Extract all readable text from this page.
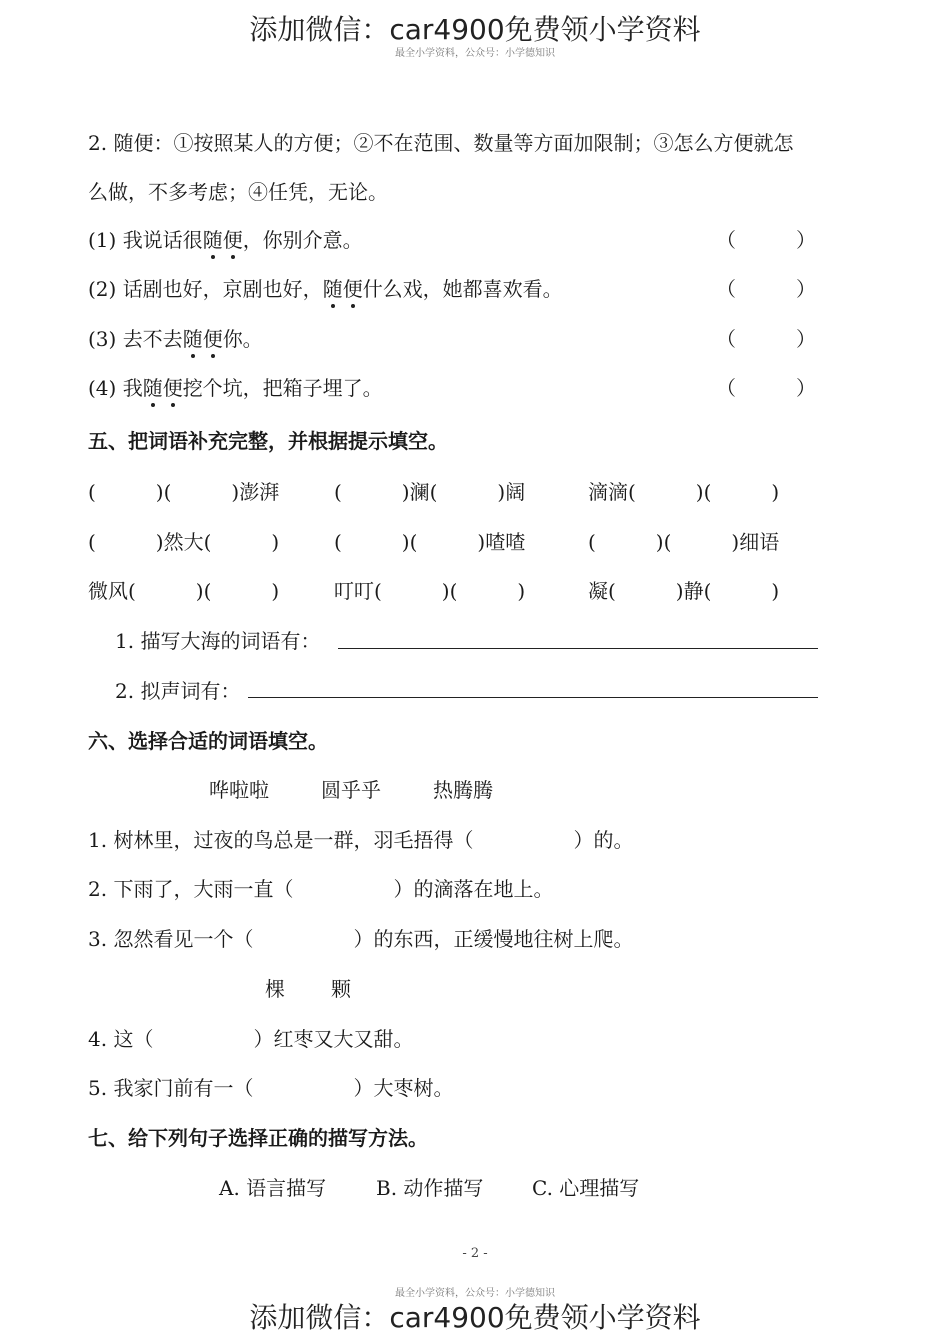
添加微信：car4900免费领小学资料
最全小学资料，公众号：小学德知识
2. 随便：①按照某人的方便；②不在范围、数量等方面加限制；③怎么方便就怎
么做，不多考虑；④任凭，无论。
(1) 我说话很随便，你别介意。	（　　　）
(2) 话剧也好，京剧也好，随便什么戏，她都喜欢看。	（　　　）
(3) 去不去随便你。	（　　　）
(4) 我随便挖个坑，把箱子埋了。	（　　　）
五、把词语补充完整，并根据提示填空。
(　　　)(　　　)澎湃	(　　　)澜(　　　)阔	滴滴(　　　)(　　　)
(　　　)然大(　　　)	(　　　)(　　　)喳喳	(　　　)(　　　)细语
微风(　　　)(　　　)	叮叮(　　　)(　　　)	凝(　　　)静(　　　)
1. 描写大海的词语有：
2. 拟声词有：
六、选择合适的词语填空。
哗啦啦	圆乎乎	热腾腾
1. 树林里，过夜的鸟总是一群，羽毛捂得（　　　　　）的。
2. 下雨了，大雨一直（　　　　　）的滴落在地上。
3. 忽然看见一个（　　　　　）的东西，正缓慢地往树上爬。
棵 颗
4. 这（　　　　　）红枣又大又甜。
5. 我家门前有一（　　　　　）大枣树。
七、给下列句子选择正确的描写方法。
A. 语言描写 B. 动作描写 C. 心理描写
- 2 -
最全小学资料，公众号：小学德知识
添加微信：car4900免费领小学资料
